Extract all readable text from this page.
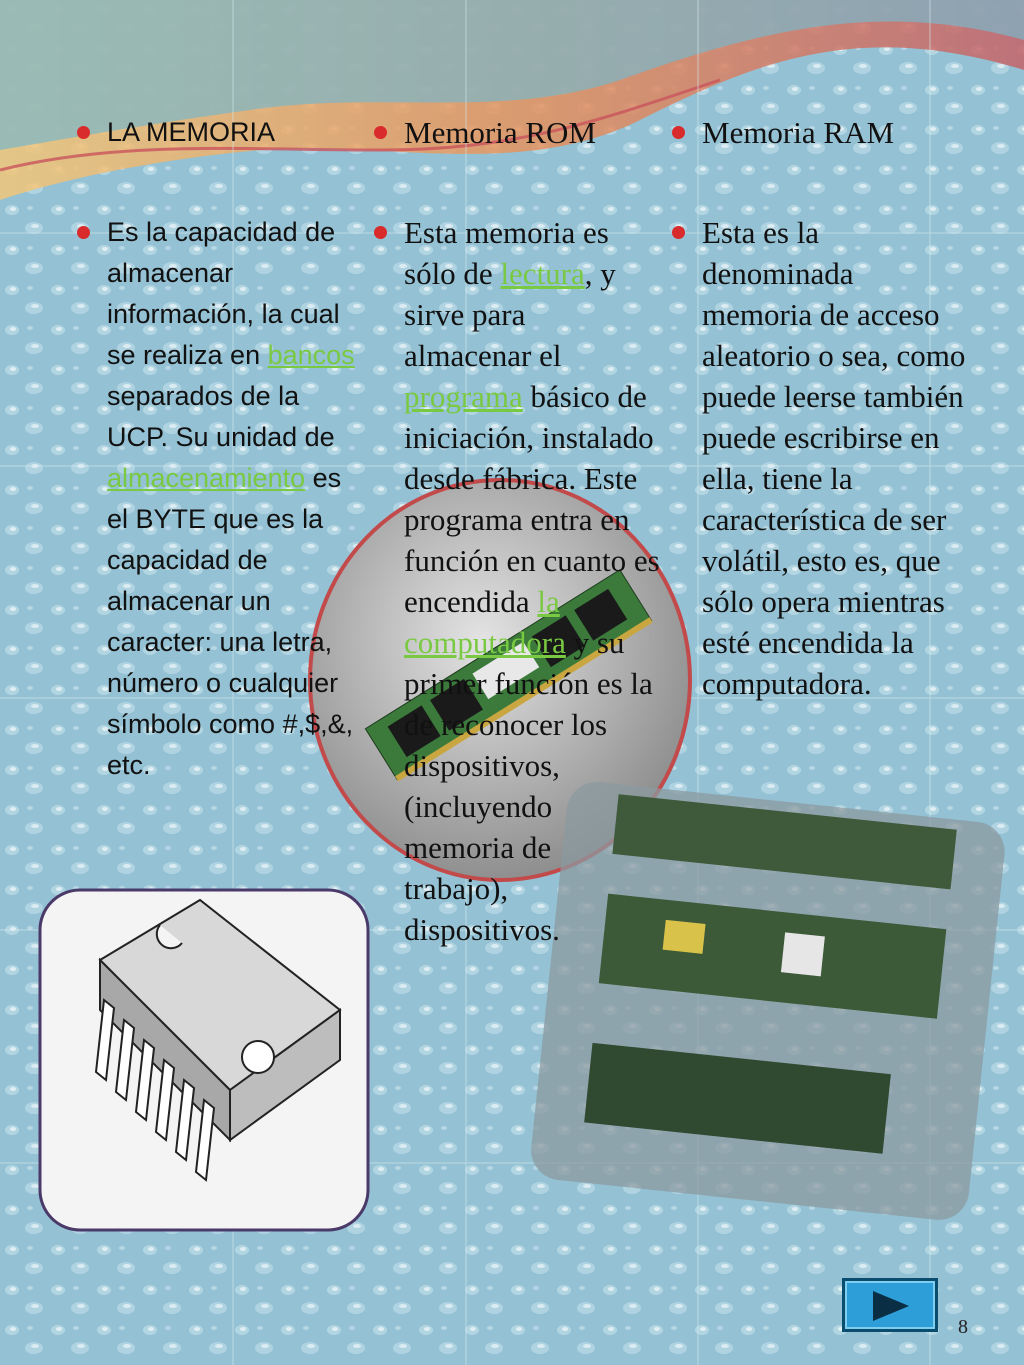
LA MEMORIA
Es la capacidad de almacenar información, la cual se realiza en bancos separados de la UCP. Su unidad de almacenamiento es el BYTE que es la capacidad de almacenar un caracter: una letra, número o cualquier símbolo como #,$,&, etc.
Memoria ROM
Esta memoria es sólo de lectura, y sirve para almacenar el programa básico de iniciación, instalado desde fábrica. Este programa entra en función en cuanto es encendida la computadora y su primer función es la de reconocer los dispositivos, (incluyendo memoria de trabajo), dispositivos.
Memoria RAM
Esta es la denominada memoria de acceso aleatorio o sea, como puede leerse también puede escribirse en ella, tiene la característica de ser volátil, esto es, que sólo opera mientras esté encendida la computadora.
8
